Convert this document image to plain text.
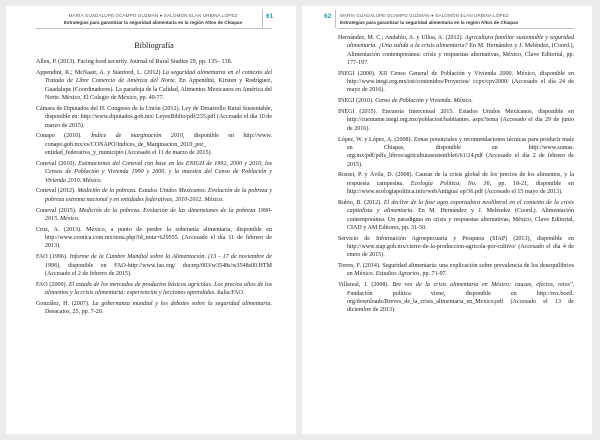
MARÍA GUADALUPE OCAMPO GUZMÁN ● SALOMÓN ELAN URBINA LÓPEZ
Estrategias para garantizar la seguridad alimentaria en la región Altos de Chiapas
61
Bibliografía

Allen, P. (2013). Facing food security. Journal of Rural Studies 29, pp. 135– 138.

Appendini, K.; McNaair, A. y Stanford, L. (2012) La seguridad alimentaria en el contexto del Tratado de Libre Comercio de América del Norte. En Appendini, Kirsten y Rodríguez, Guadalupe (Coordinadores). La paradoja de la Calidad, Alimentos Mexicanos en América del Norte. México, El Colegio de México, pp. 49-77.

Cámara de Diputados del H. Congreso de la Unión (2012). Ley de Desarrollo Rural Sustentable, disponible en: http://www.diputados.gob.mx/ LeyesBiblio/pdf/235.pdf (Accesado el día 10 de marzo de 2015).

Conapo (2010). Índice de marginación 2010, disponible en http://www. conapo.gob.mx/es/CONAPO/Indices_de_Marginacion_2010_por_ entidad_federativa_y_municipio (Accesado el 11 de marzo de 2015).

Coneval (2010). Estimaciones del Coneval con base en las ENIGH de 1992, 2000 y 2010, los Censos de Población y Vivienda 1990 y 2000, y la muestra del Censo de Población y Vivienda 2010. México.

Coneval (2012). Medición de la pobreza. Estados Unidos Mexicanos. Evolución de la pobreza y pobreza extrema nacional y en entidades federativas, 2010-2012. México.

Coneval (2015). Medición de la pobreza. Evolución de las dimensiones de la pobreza 1990-2015. México.

Cruz, A. (2013). México, a punto de perder la soberanía alimentaria, disponible en http://www.cronica.com.mx/nota.php?id_nota=629555. (Accesado el día 11 de febrero de 2013).

FAO (1996). Informe de la Cumbre Mundial sobre la Alimentación. (13 - 17 de noviembre de 1996), disponible en FAO-http://www.fao.org/ docrep/003/w3548s/w3548s00.HTM (Accesado el 2 de febrero de 2015).

FAO (2009). El estado de los mercados de productos básicos agrícolas. Los precios altos de los alimentos y la crisis alimentaria: experiencias y lecciones aprendidas. Italia:FAO.

González, H. (2007). La gobernanza mundial y los debates sobre la seguridad alimentaria. Desacatos, 25, pp. 7-20.

62 MARÍA GUADALUPE OCAMPO GUZMÁN ● SALOMÓN ELAN URBINA LÓPEZ
Estrategias para garantizar la seguridad alimentaria en la región Altos de Chiapas

Hernández, M. C.; Andablo, A. y Ulloa, A. (2012). Agricultura familiar sustentable y seguridad alimentaria. ¿Una salida a la crisis alimentaria? En M. Hernández y J. Meléndez, (Coord.), Alimentación contemporánea: crisis y respuestas alternativas, México, Clave Editorial, pp. 177-197.

INEGI (2000). XII Censo General de Población y Vivienda 2000, México, disponible en http://www.inegi.org.mx/est/contenidos/Proyectos/ ccpv/cpv2000/ (Accesado el día 24 de mayo de 2016).

INEGI (2010). Censo de Población y Vivienda. México.

INEGI (2015). Encuesta Intercensal 2015. Estados Unidos Mexicanos, disponible en http://cuentame.inegi.org.mx/poblacion/habitantes. aspx?tema (Accesado el día 29 de junio de 2016).

López, W. y López, A. (2008). Zonas potenciales y recomendaciones técnicas para producir maíz en Chiapas, disponible en http://www.somas. org.mx/pdf/pdfs_libros/agriculturasostenible6/61/24.pdf (Accesado el día 2 de febrero de 2015).

Rosset, P. y Ávila, D. (2008). Causas de la crisis global de los precios de los alimentos, y la respuesta campesina. Ecología Política, No. 36, pp. 18-21, disponible en http://www.ecologiapolitica.info/webAntigua/ ep/36.pdf (Accesado el 15 mayo de 2013).

Rubio, B. (2012). El declive de la fase agro exportadora neoliberal en el contexto de la crisis capitalista y alimentaria. En M. Hernández y J. Meléndez (Coord.). Alimentación contemporánea. Un paradigma en crisis y respuestas alternativas, México, Clave Editorial, CIAD y AM Editores, pp. 31-50.

Servicio de Información Agroepecuaria y Pesquera (SIAP) (2013), disponible en http://www.siap.gob.mx/cierre-de-la-produccion-agricola-por-cultivo/ (Accesado el día 4 de enero de 2015).

Torres, F. (2014). Seguridad alimentaria: una explicación sobre prevalencia de los desequilibrios en México. Estudios Agrarios, pp. 71-97.

Villareal, J. (2008). Bre ves de la crisis alimentaria en México: causas, efectos, retos", Fundación política viene, disponible en http://mx.boell. org/downloads/Breves_de_la_crisis_alimentaria_en_Mexico.pdf (Accesado el 13 de diciembre de 2013).
